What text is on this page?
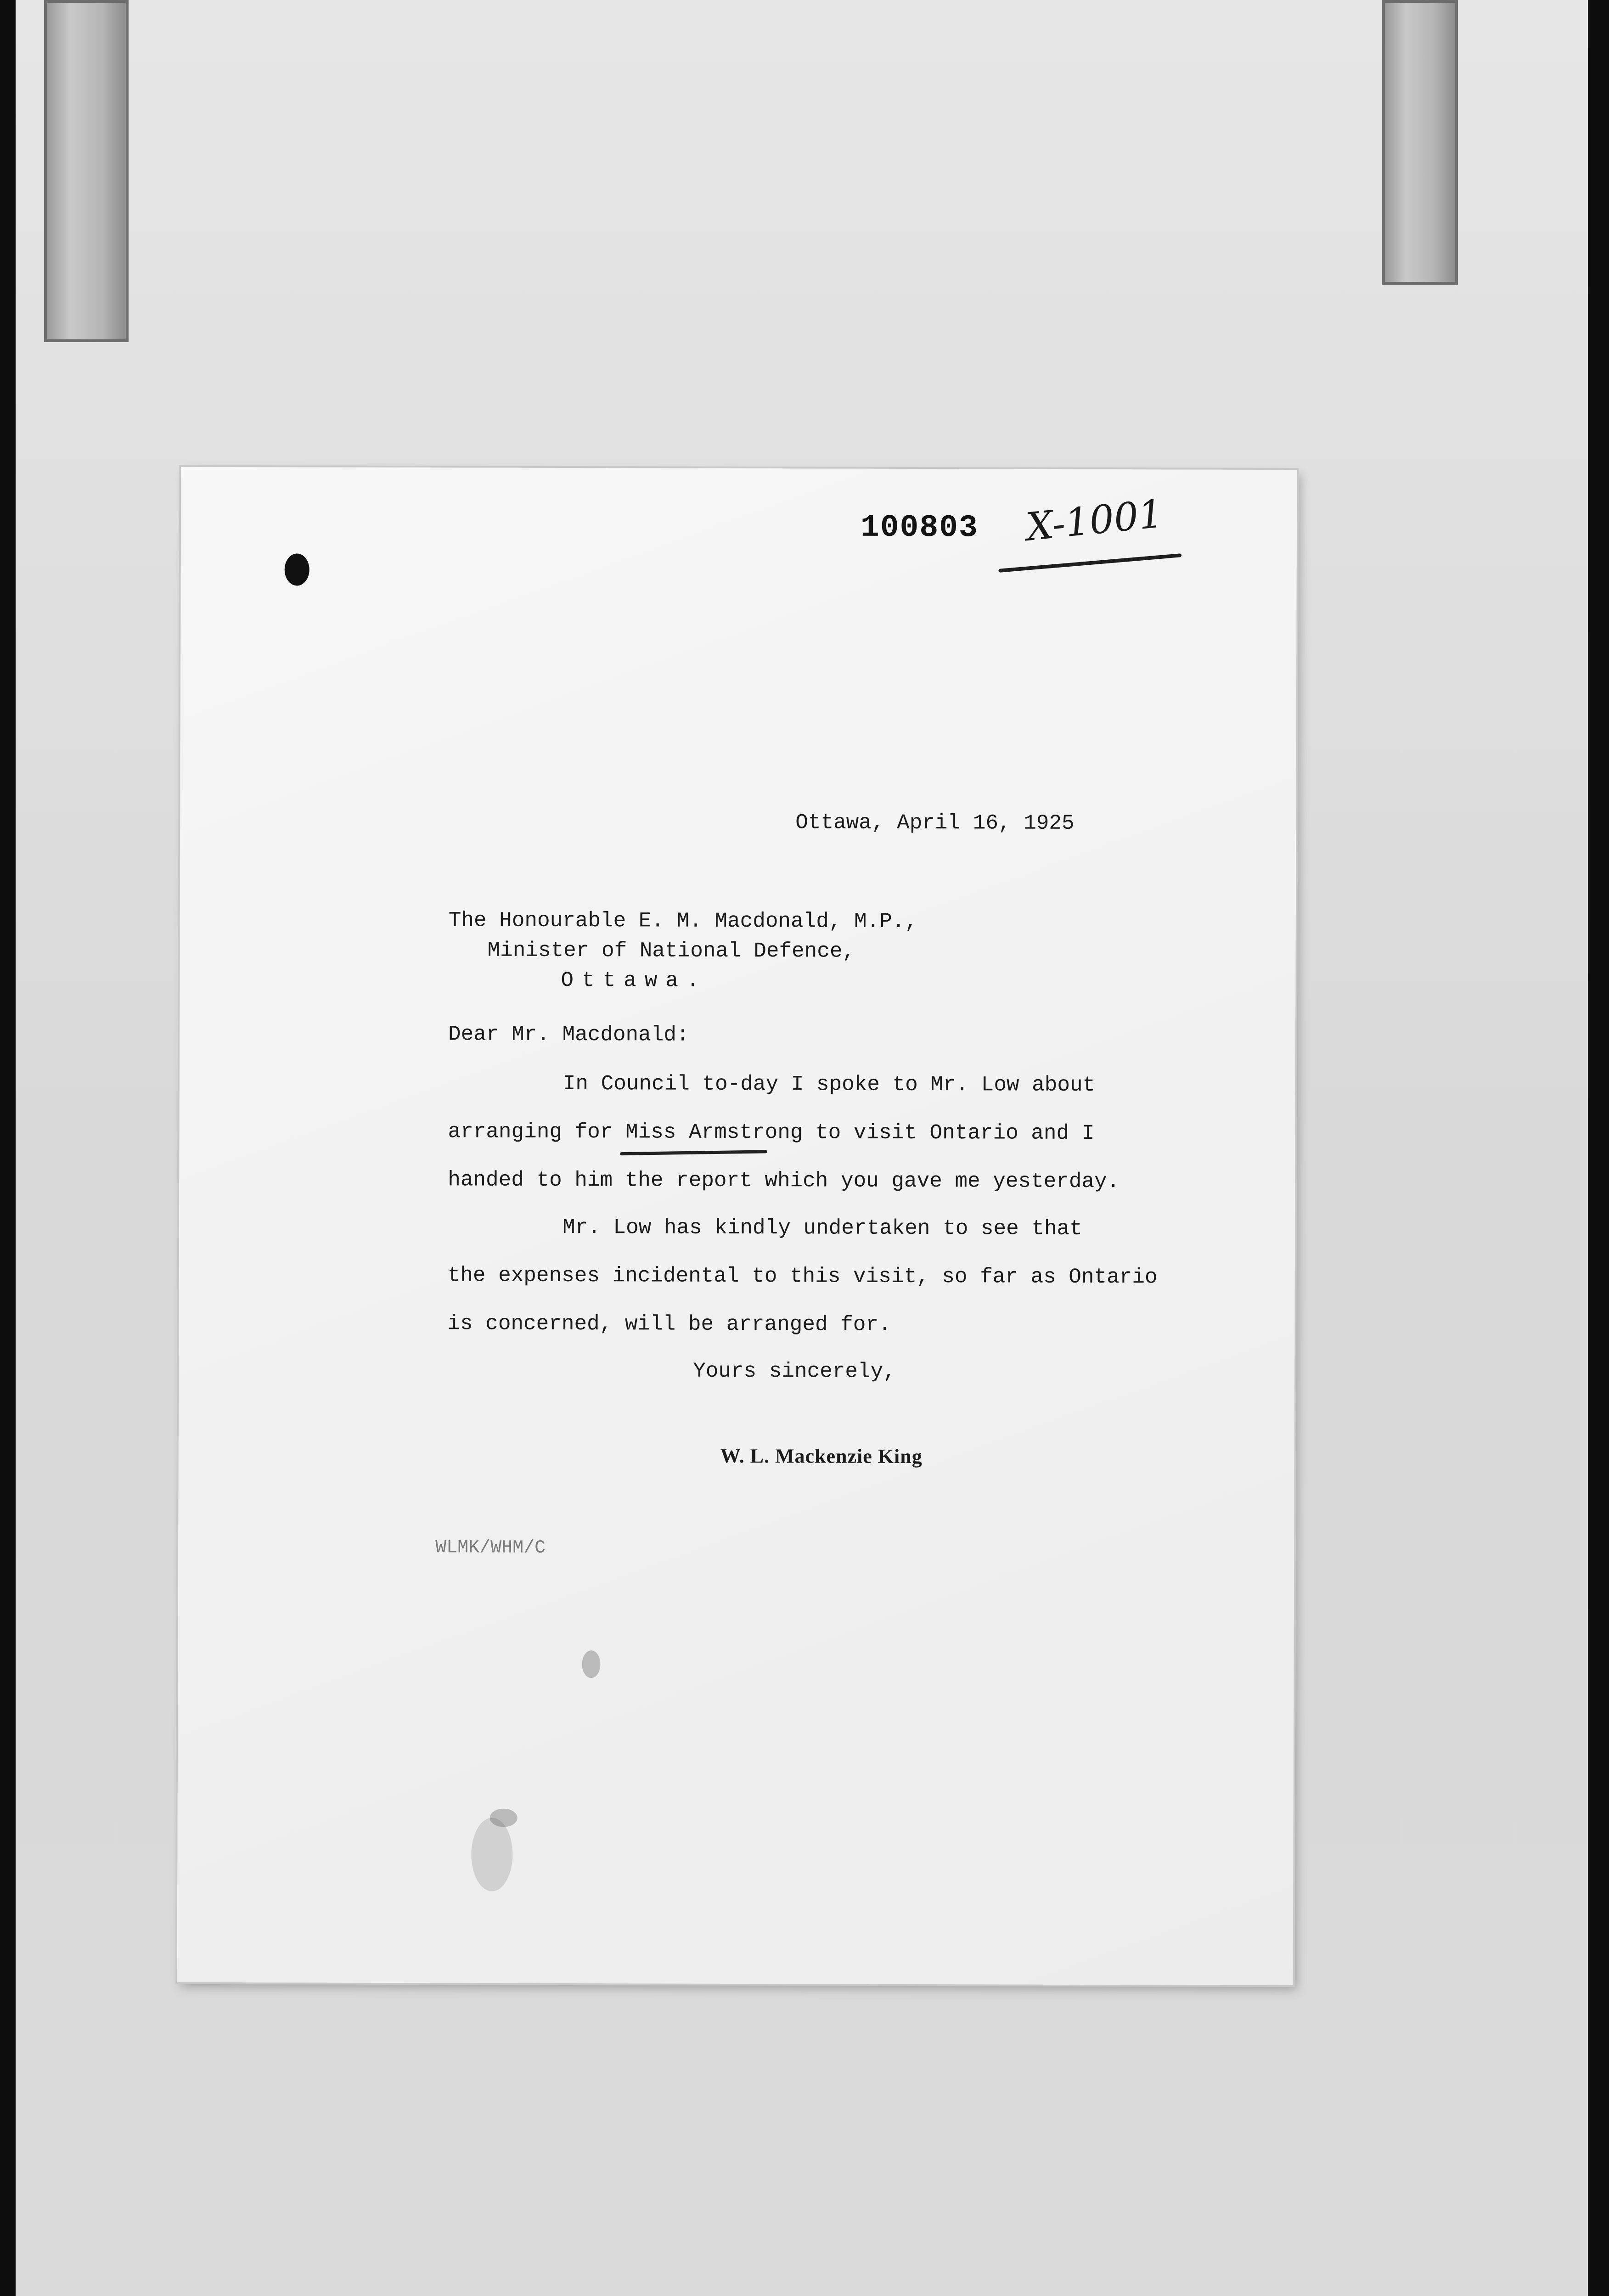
100803 X-1001
Ottawa, April 16, 1925
The Honourable E. M. Macdonald, M.P.,
Minister of National Defence,
Ottawa.
Dear Mr. Macdonald:
In Council to-day I spoke to Mr. Low about
arranging for Miss Armstrong to visit Ontario and I
handed to him the report which you gave me yesterday.
Mr. Low has kindly undertaken to see that
the expenses incidental to this visit, so far as Ontario
is concerned, will be arranged for.
Yours sincerely,
W. L. Mackenzie King
WLMK/WHM/C
